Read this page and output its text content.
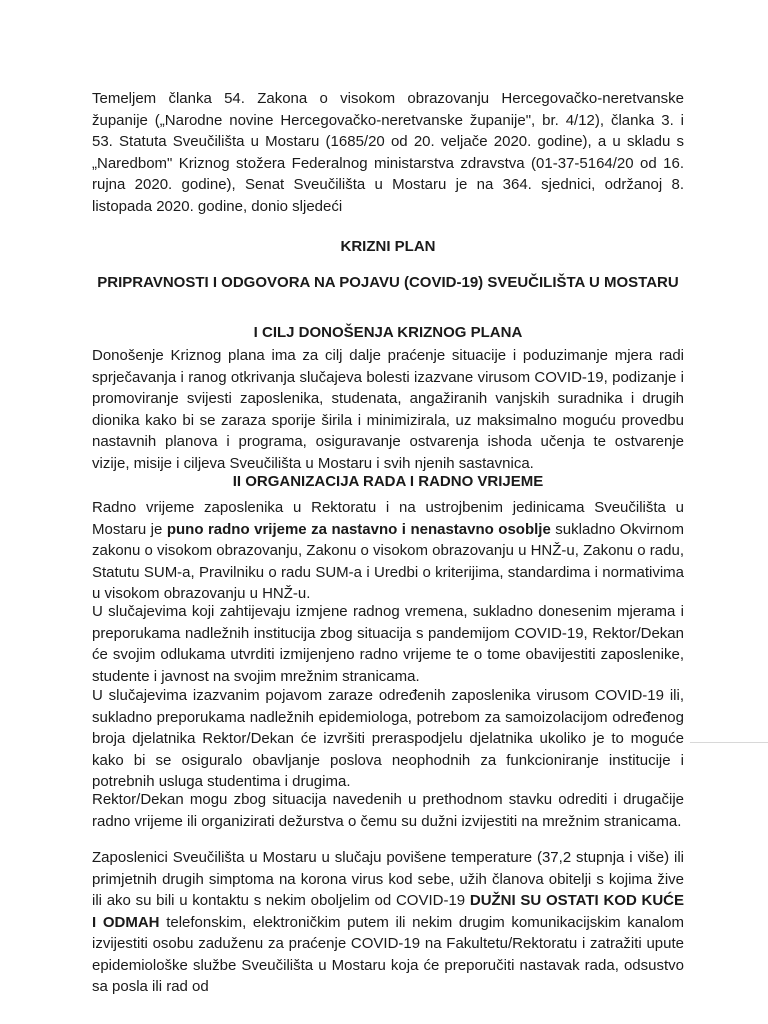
Temeljem članka 54. Zakona o visokom obrazovanju Hercegovačko-neretvanske županije („Narodne novine Hercegovačko-neretvanske županije", br. 4/12), članka 3. i 53. Statuta Sveučilišta u Mostaru (1685/20 od 20. veljače 2020. godine), a u skladu s „Naredbom" Kriznog stožera Federalnog ministarstva zdravstva (01-37-5164/20 od 16. rujna 2020. godine), Senat Sveučilišta u Mostaru je na 364. sjednici, održanoj 8. listopada 2020. godine, donio sljedeći

KRIZNI PLAN

PRIPRAVNOSTI I ODGOVORA NA POJAVU (COVID-19) SVEUČILIŠTA U MOSTARU

I CILJ DONOŠENJA KRIZNOG PLANA

Donošenje Kriznog plana ima za cilj dalje praćenje situacije i poduzimanje mjera radi sprječavanja i ranog otkrivanja slučajeva bolesti izazvane virusom COVID-19, podizanje i promoviranje svijesti zaposlenika, studenata, angažiranih vanjskih suradnika i drugih dionika kako bi se zaraza sporije širila i minimizirala, uz maksimalno moguću provedbu nastavnih planova i programa, osiguravanje ostvarenja ishoda učenja te ostvarenje vizije, misije i ciljeva Sveučilišta u Mostaru i svih njenih sastavnica.

II ORGANIZACIJA RADA I RADNO VRIJEME

Radno vrijeme zaposlenika u Rektoratu i na ustrojbenim jedinicama Sveučilišta u Mostaru je puno radno vrijeme za nastavno i nenastavno osoblje sukladno Okvirnom zakonu o visokom obrazovanju, Zakonu o visokom obrazovanju u HNŽ-u, Zakonu o radu, Statutu SUM-a, Pravilniku o radu SUM-a i Uredbi o kriterijima, standardima i normativima u visokom obrazovanju u HNŽ-u.

U slučajevima koji zahtijevaju izmjene radnog vremena, sukladno donesenim mjerama i preporukama nadležnih institucija zbog situacija s pandemijom COVID-19, Rektor/Dekan će svojim odlukama utvrditi izmijenjeno radno vrijeme te o tome obavijestiti zaposlenike, studente i javnost na svojim mrežnim stranicama.

U slučajevima izazvanim pojavom zaraze određenih zaposlenika virusom COVID-19 ili, sukladno preporukama nadležnih epidemiologa, potrebom za samoizolacijom određenog broja djelatnika Rektor/Dekan će izvršiti preraspodjelu djelatnika ukoliko je to moguće kako bi se osiguralo obavljanje poslova neophodnih za funkcioniranje institucije i potrebnih usluga studentima i drugima.

Rektor/Dekan mogu zbog situacija navedenih u prethodnom stavku odrediti i drugačije radno vrijeme ili organizirati dežurstva o čemu su dužni izvijestiti na mrežnim stranicama.

Zaposlenici Sveučilišta u Mostaru u slučaju povišene temperature (37,2 stupnja i više) ili primjetnih drugih simptoma na korona virus kod sebe, užih članova obitelji s kojima žive ili ako su bili u kontaktu s nekim oboljelim od COVID-19 DUŽNI SU OSTATI KOD KUĆE I ODMAH telefonskim, elektroničkim putem ili nekim drugim komunikacijskim kanalom izvijestiti osobu zaduženu za praćenje COVID-19 na Fakultetu/Rektoratu i zatražiti upute epidemiološke službe Sveučilišta u Mostaru koja će preporučiti nastavak rada, odsustvo sa posla ili rad od
